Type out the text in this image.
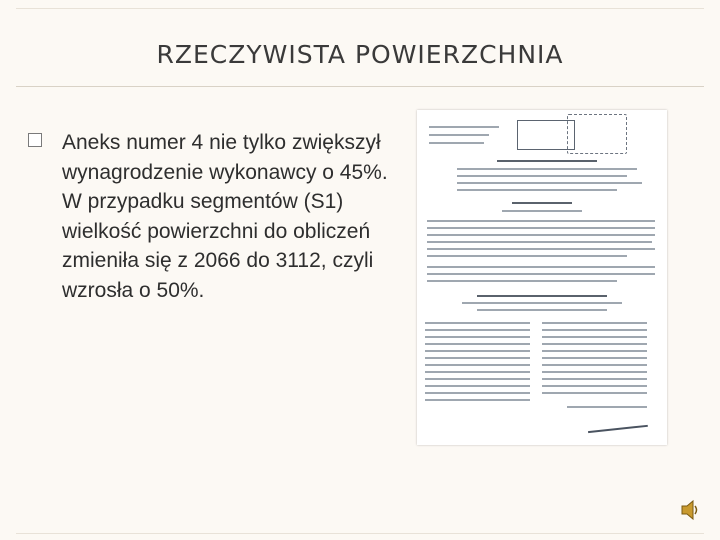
RZECZYWISTA POWIERZCHNIA
Aneks numer 4 nie tylko zwiększył wynagrodzenie wykonawcy o 45%. W przypadku segmentów (S1) wielkość powierzchni do obliczeń zmieniła się z 2066 do 3112, czyli wzrosła o 50%.
